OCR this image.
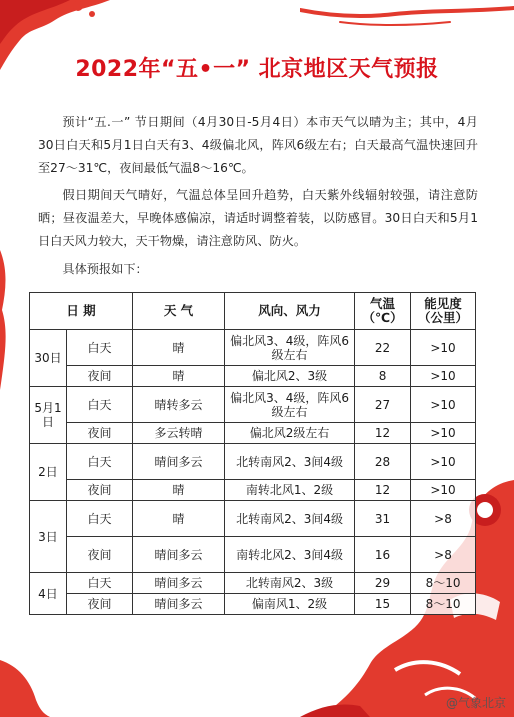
2022年“五•一” 北京地区天气预报

预计“五.一” 节日期间（4月30日-5月4日）本市天气以晴为主；其中，4月30日白天和5月1日白天有3、4级偏北风，阵风6级左右；白天最高气温快速回升至27～31℃，夜间最低气温8～16℃。

假日期间天气晴好，气温总体呈回升趋势，白天紫外线辐射较强，请注意防晒；昼夜温差大，早晚体感偏凉，请适时调整着装，以防感冒。30日白天和5月1日白天风力较大，天干物燥，请注意防风、防火。

具体预报如下：

日 期		天 气	风向、风力	气温（℃）	能见度（公里）
30日	白天	晴	偏北风3、4级，阵风6级左右	22	>10
	夜间	晴	偏北风2、3级	8	>10
5月1日	白天	晴转多云	偏北风3、4级，阵风6级左右	27	>10
	夜间	多云转晴	偏北风2级左右	12	>10
2日	白天	晴间多云	北转南风2、3间4级	28	>10
	夜间	晴	南转北风1、2级	12	>10
3日	白天	晴	北转南风2、3间4级	31	>8
	夜间	晴间多云	南转北风2、3间4级	16	>8
4日	白天	晴间多云	北转南风2、3级	29	8～10
	夜间	晴间多云	偏南风1、2级	15	8～10
@气象北京
